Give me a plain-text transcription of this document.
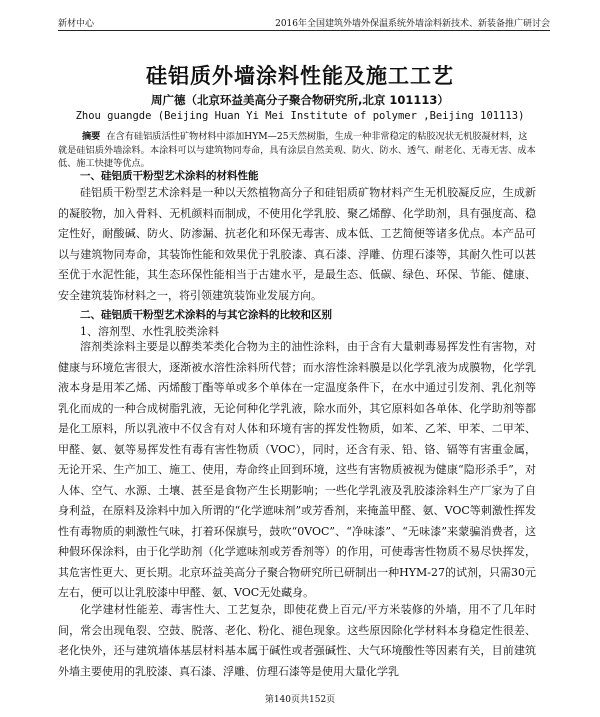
新材中心	2016年全国建筑外墙外保温系统外墙涂料新技术、新装备推广研讨会
硅铝质外墙涂料性能及施工工艺
周广德（北京环益美高分子聚合物研究所,北京 101113）
Zhou guangde (Beijing Huan Yi Mei Institute of polymer ,Beijing 101113)
摘要 在含有硅铝质活性矿物材料中添加HYM—25天然树脂，生成一种非常稳定的粘胶况状无机胶凝材料，这就是硅铝质外墙涂料。本涂料可以与建筑物同寿命，具有涂层自然美观、防火、防水、透气、耐老化、无毒无害、成本低、施工快捷等优点。
一、硅铝质干粉型艺术涂料的材料性能

硅铝质干粉型艺术涂料是一种以天然植物高分子和硅铝质矿物材料产生无机胶凝反应，生成新的凝胶物，加入骨料、无机颜料而制成，不使用化学乳胶、聚乙烯醇、化学助剂，具有强度高、稳定性好，耐酸碱、防火、防渗漏、抗老化和环保无毒害、成本低、工艺简便等诸多优点。本产品可以与建筑物同寿命，其装饰性能和效果优于乳胶漆、真石漆、浮雕、仿理石漆等，其耐久性可以甚至优于水泥性能，其生态环保性能相当于古建水平，是最生态、低碳、绿色、环保、节能、健康、安全建筑装饰材料之一，将引领建筑装饰业发展方向。

二、硅铝质干粉型艺术涂料的与其它涂料的比较和区别
1、溶剂型、水性乳胶类涂料

溶剂类涂料主要是以醇类苯类化合物为主的油性涂料，由于含有大量刺毒易挥发性有害物，对健康与环境危害很大，逐渐被水溶性涂料所代替；而水溶性涂料膜是以化学乳液为成膜物，化学乳液本身是用苯乙烯、丙烯酸丁酯等单或多个单体在一定温度条件下，在水中通过引发剂、乳化剂等乳化而成的一种合成树脂乳液，无论何种化学乳液，除水而外，其它原料如各单体、化学助剂等都是化工原料，所以乳液中不仅含有对人体和环境有害的挥发性物质，如苯、乙苯、甲苯、二甲苯、甲醛、氨、氨等易挥发性有毒有害性物质（VOC），同时，还含有汞、铅、铬、镉等有害重金属，无论开采、生产加工、施工、使用，寿命终止回到环境，这些有害物质被视为健康“隐形杀手”，对人体、空气、水源、土壤、甚至是食物产生长期影响；一些化学乳液及乳胶漆涂料生产厂家为了自身利益，在原料及涂料中加入所谓的“化学遮味剂”或芳香剂，来掩盖甲醛、氨、VOC等刺激性挥发性有毒物质的刺激性气味，打着环保旗号，鼓吹“0VOC”、“净味漆”、“无味漆”来蒙骗消费者，这种假环保涂料，由于化学助剂（化学遮味剂或芳香剂等）的作用，可使毒害性物质不易尽快挥发，其危害性更大、更长期。北京环益美高分子聚合物研究所已研制出一种HYM-27的试剂，只需30元左右，便可以让乳胶漆中甲醛、氨、VOC无处藏身。

化学建材性能差、毒害性大、工艺复杂，即使花费上百元/平方米装修的外墙，用不了几年时间，常会出现龟裂、空鼓、脱落、老化、粉化、褪色现象。这些原因除化学材料本身稳定性很差、老化快外，还与建筑墙体基层材料基本属于碱性或者强碱性、大气环境酸性等因素有关，目前建筑外墙主要使用的乳胶漆、真石漆、浮雕、仿理石漆等是使用大量化学乳

第140页共152页
